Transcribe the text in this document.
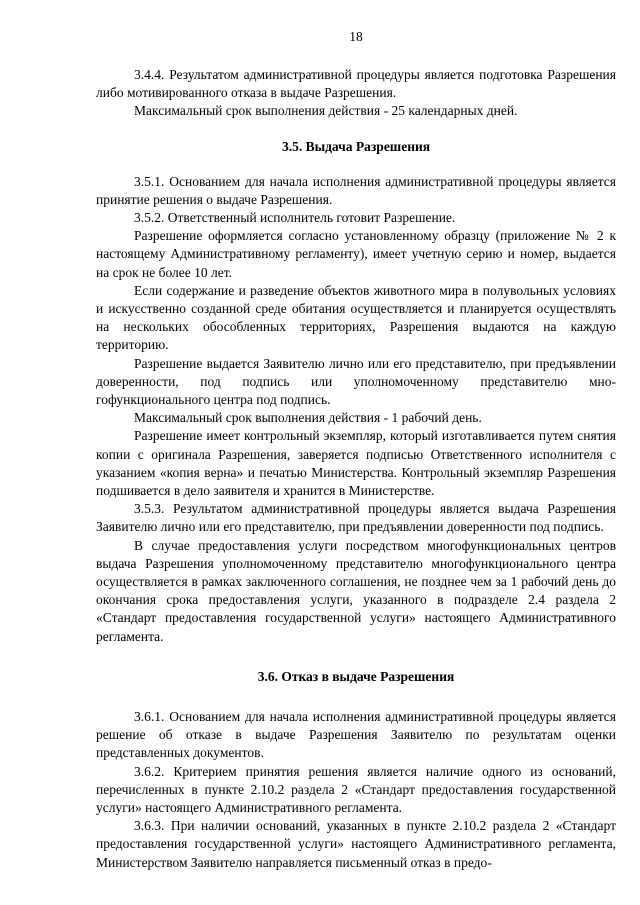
18

3.4.4. Результатом административной процедуры является подготовка Разрешения либо мотивированного отказа в выдаче Разрешения.

Максимальный срок выполнения действия - 25 календарных дней.

3.5. Выдача Разрешения

3.5.1. Основанием для начала исполнения административной процедуры является принятие решения о выдаче Разрешения.

3.5.2. Ответственный исполнитель готовит Разрешение.

Разрешение оформляется согласно установленному образцу (приложение № 2 к настоящему Административному регламенту), имеет учетную серию и номер, выдается на срок не более 10 лет.

Если содержание и разведение объектов животного мира в полувольных условиях и искусственно созданной среде обитания осуществляется и планируется осуществлять на нескольких обособленных территориях, Разрешения выдаются на каждую территорию.

Разрешение выдается Заявителю лично или его представителю, при предъявлении доверенности, под подпись или уполномоченному представителю многофункционального центра под подпись.

Максимальный срок выполнения действия - 1 рабочий день.

Разрешение имеет контрольный экземпляр, который изготавливается путем снятия копии с оригинала Разрешения, заверяется подписью Ответственного исполнителя с указанием «копия верна» и печатью Министерства. Контрольный экземпляр Разрешения подшивается в дело заявителя и хранится в Министерстве.

3.5.3. Результатом административной процедуры является выдача Разрешения Заявителю лично или его представителю, при предъявлении доверенности под подпись.

В случае предоставления услуги посредством многофункциональных центров выдача Разрешения уполномоченному представителю многофункционального центра осуществляется в рамках заключенного соглашения, не позднее чем за 1 рабочий день до окончания срока предоставления услуги, указанного в подразделе 2.4 раздела 2 «Стандарт предоставления государственной услуги» настоящего Административного регламента.

3.6. Отказ в выдаче Разрешения

3.6.1. Основанием для начала исполнения административной процедуры является решение об отказе в выдаче Разрешения Заявителю по результатам оценки представленных документов.

3.6.2. Критерием принятия решения является наличие одного из оснований, перечисленных в пункте 2.10.2 раздела 2 «Стандарт предоставления государственной услуги» настоящего Административного регламента.

3.6.3. При наличии оснований, указанных в пункте 2.10.2 раздела 2 «Стандарт предоставления государственной услуги» настоящего Административного регламента, Министерством Заявителю направляется письменный отказ в предо-
